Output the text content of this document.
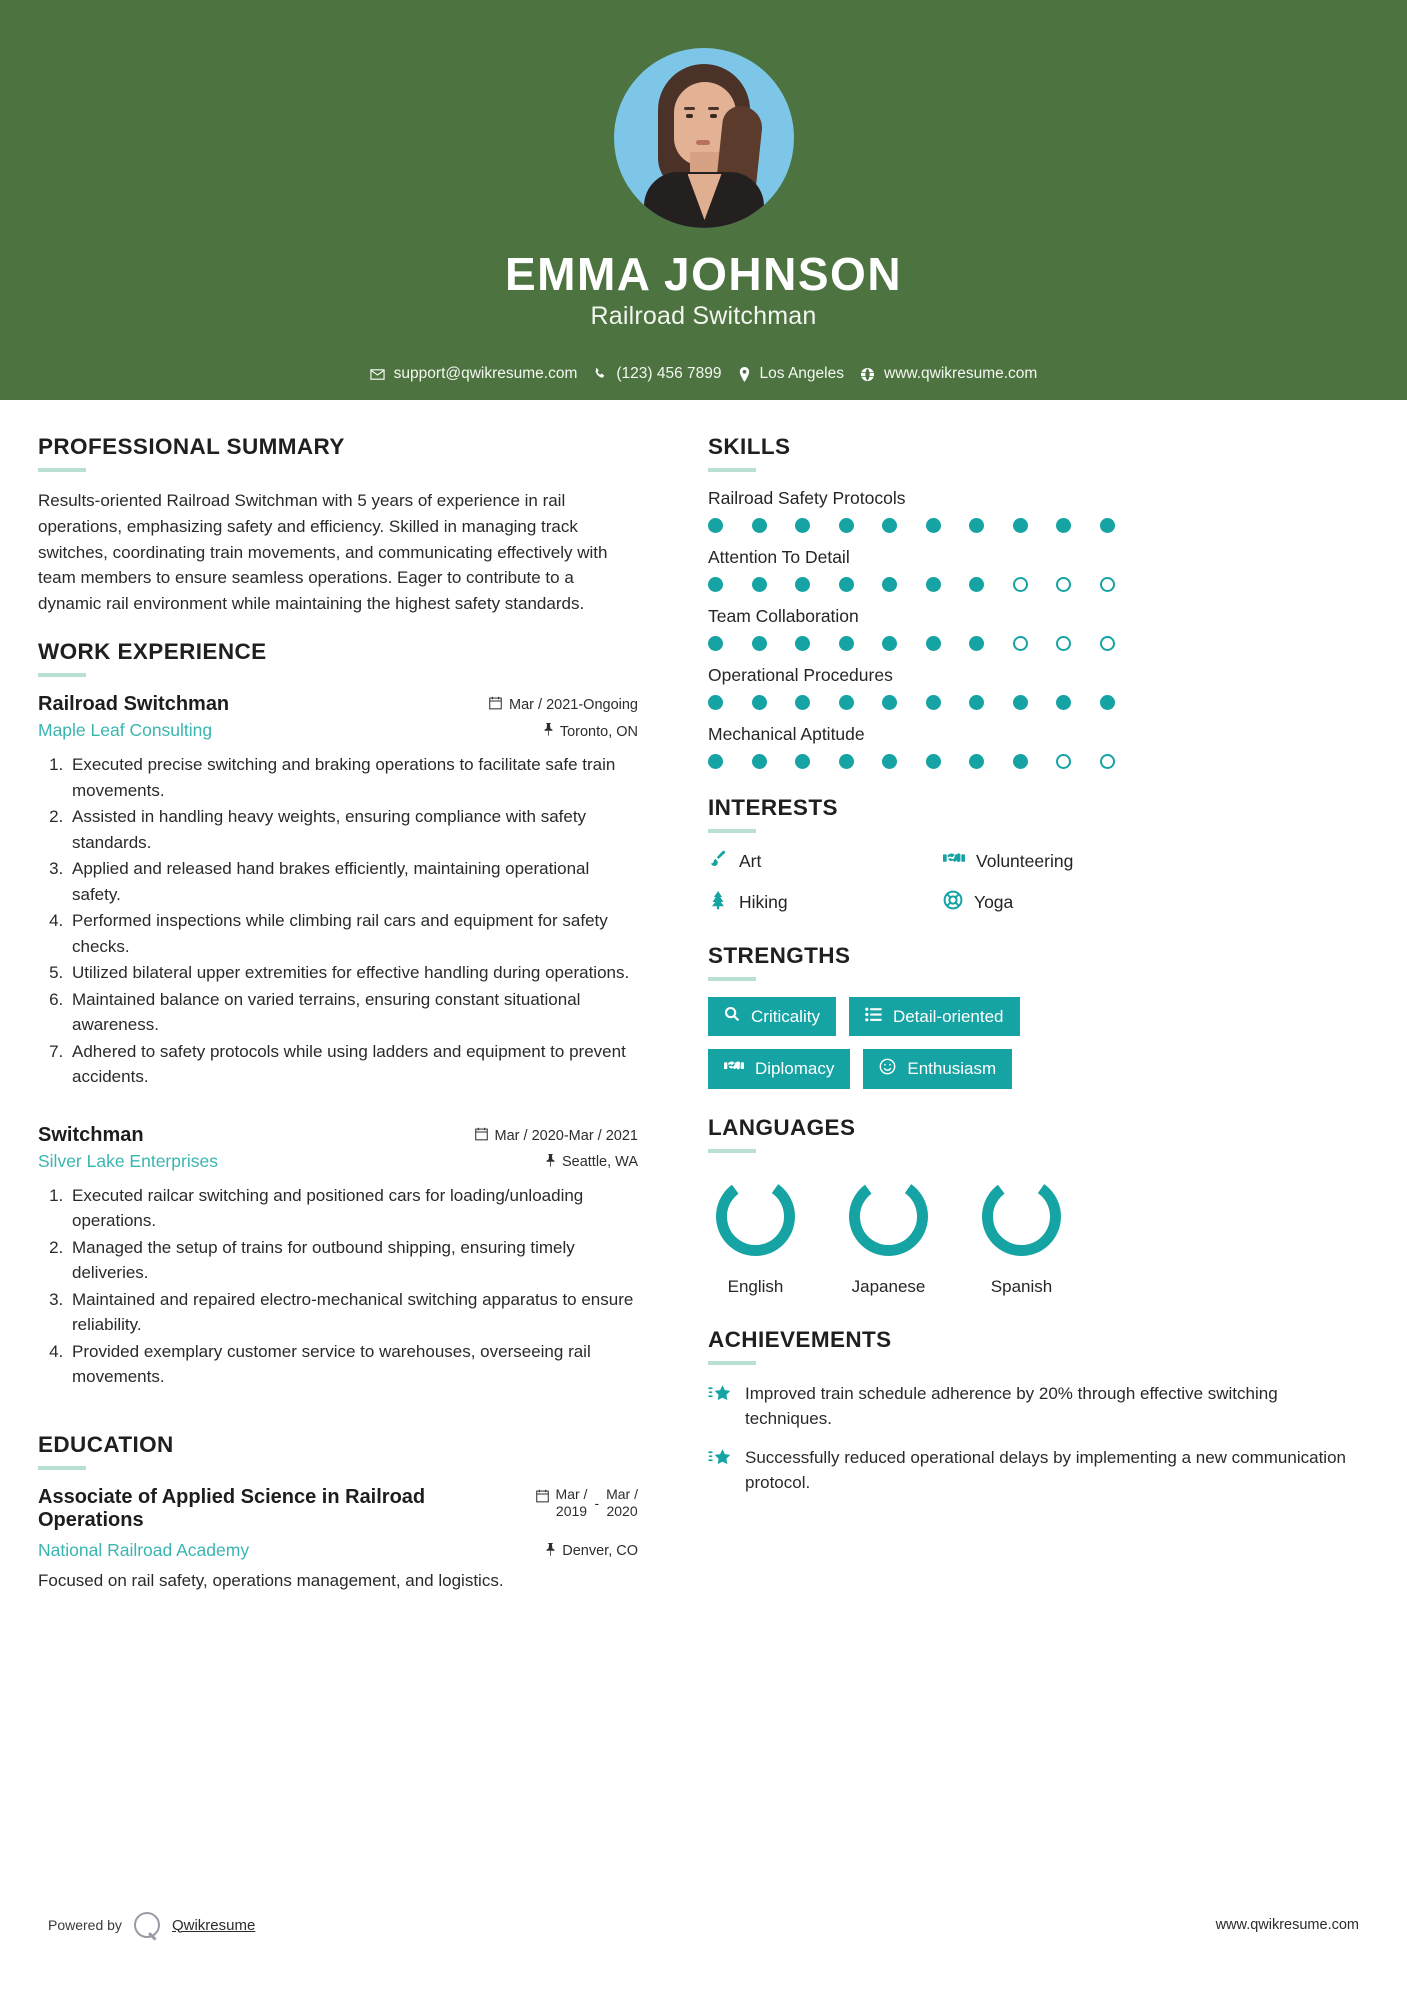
EMMA JOHNSON
Railroad Switchman
support@qwikresume.com	(123) 456 7899 Los Angeles	www.qwikresume.com
PROFESSIONAL SUMMARY
Results-oriented Railroad Switchman with 5 years of experience in rail operations, emphasizing safety and efficiency. Skilled in managing track switches, coordinating train movements, and communicating effectively with team members to ensure seamless operations. Eager to contribute to a dynamic rail environment while maintaining the highest safety standards.
WORK EXPERIENCE
Railroad Switchman	Mar / 2021-Ongoing
Maple Leaf Consulting	Toronto, ON
1. Executed precise switching and braking operations to facilitate safe train movements.
2. Assisted in handling heavy weights, ensuring compliance with safety standards.
3. Applied and released hand brakes efficiently, maintaining operational safety.
4. Performed inspections while climbing rail cars and equipment for safety checks.
5. Utilized bilateral upper extremities for effective handling during operations.
6. Maintained balance on varied terrains, ensuring constant situational awareness.
7. Adhered to safety protocols while using ladders and equipment to prevent accidents.
Switchman	Mar / 2020-Mar / 2021
Silver Lake Enterprises	Seattle, WA
1. Executed railcar switching and positioned cars for loading/unloading operations.
2. Managed the setup of trains for outbound shipping, ensuring timely deliveries.
3. Maintained and repaired electro-mechanical switching apparatus to ensure reliability.
4. Provided exemplary customer service to warehouses, overseeing rail movements.
EDUCATION
Associate of Applied Science in Railroad Operations
Mar /
2019 -
Mar /
2020
National Railroad Academy	Denver, CO
Focused on rail safety, operations management, and logistics.
SKILLS
Railroad Safety Protocols
Attention To Detail
Team Collaboration
Operational Procedures
Mechanical Aptitude
INTERESTS
Art	Volunteering
Hiking	Yoga
STRENGTHS
Criticality	Detail-oriented
Diplomacy	Enthusiasm
LANGUAGES
English	Japanese	Spanish
ACHIEVEMENTS
Improved train schedule adherence by 20% through effective switching techniques.
Successfully reduced operational delays by implementing a new communication protocol.
Powered by	Qwikresume	www.qwikresume.com
